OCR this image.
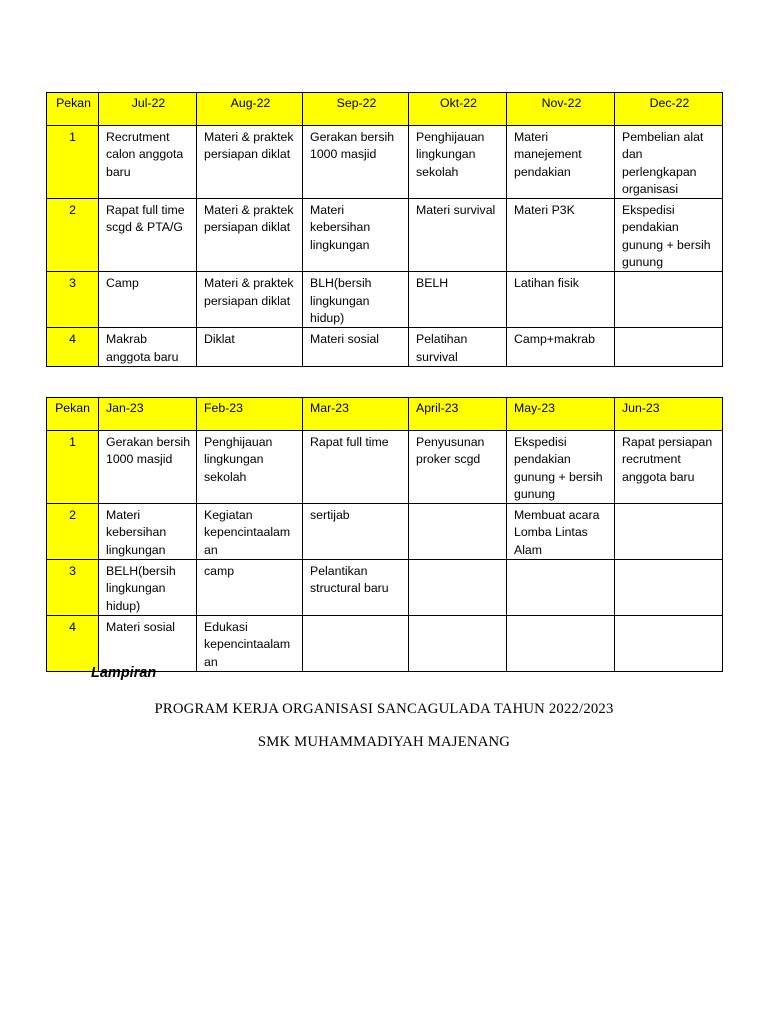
Pekan	Jul-22	Aug-22	Sep-22	Okt-22	Nov-22	Dec-22
1	Recrutment calon anggota baru	Materi & praktek persiapan diklat	Gerakan bersih 1000 masjid	Penghijauan lingkungan sekolah	Materi manejement pendakian	Pembelian alat dan perlengkapan organisasi
2	Rapat full time scgd & PTA/G	Materi & praktek persiapan diklat	Materi kebersihan lingkungan	Materi survival	Materi P3K	Ekspedisi pendakian gunung + bersih gunung
3	Camp	Materi & praktek persiapan diklat	BLH(bersih lingkungan hidup)	BELH	Latihan fisik	
4	Makrab anggota baru	Diklat	Materi sosial	Pelatihan survival	Camp+makrab	
Pekan	Jan-23	Feb-23	Mar-23	April-23	May-23	Jun-23
1	Gerakan bersih 1000 masjid	Penghijauan lingkungan sekolah	Rapat full time	Penyusunan proker scgd	Ekspedisi pendakian gunung + bersih gunung	Rapat persiapan recrutment anggota baru
2	Materi kebersihan lingkungan	Kegiatan kepencintaalam an	sertijab		Membuat acara Lomba Lintas Alam	
3	BELH(bersih lingkungan hidup)	camp	Pelantikan structural baru			
4	Materi sosial	Edukasi kepencintaalam an				
Lampiran
PROGRAM KERJA ORGANISASI SANCAGULADA TAHUN 2022/2023
SMK MUHAMMADIYAH MAJENANG
